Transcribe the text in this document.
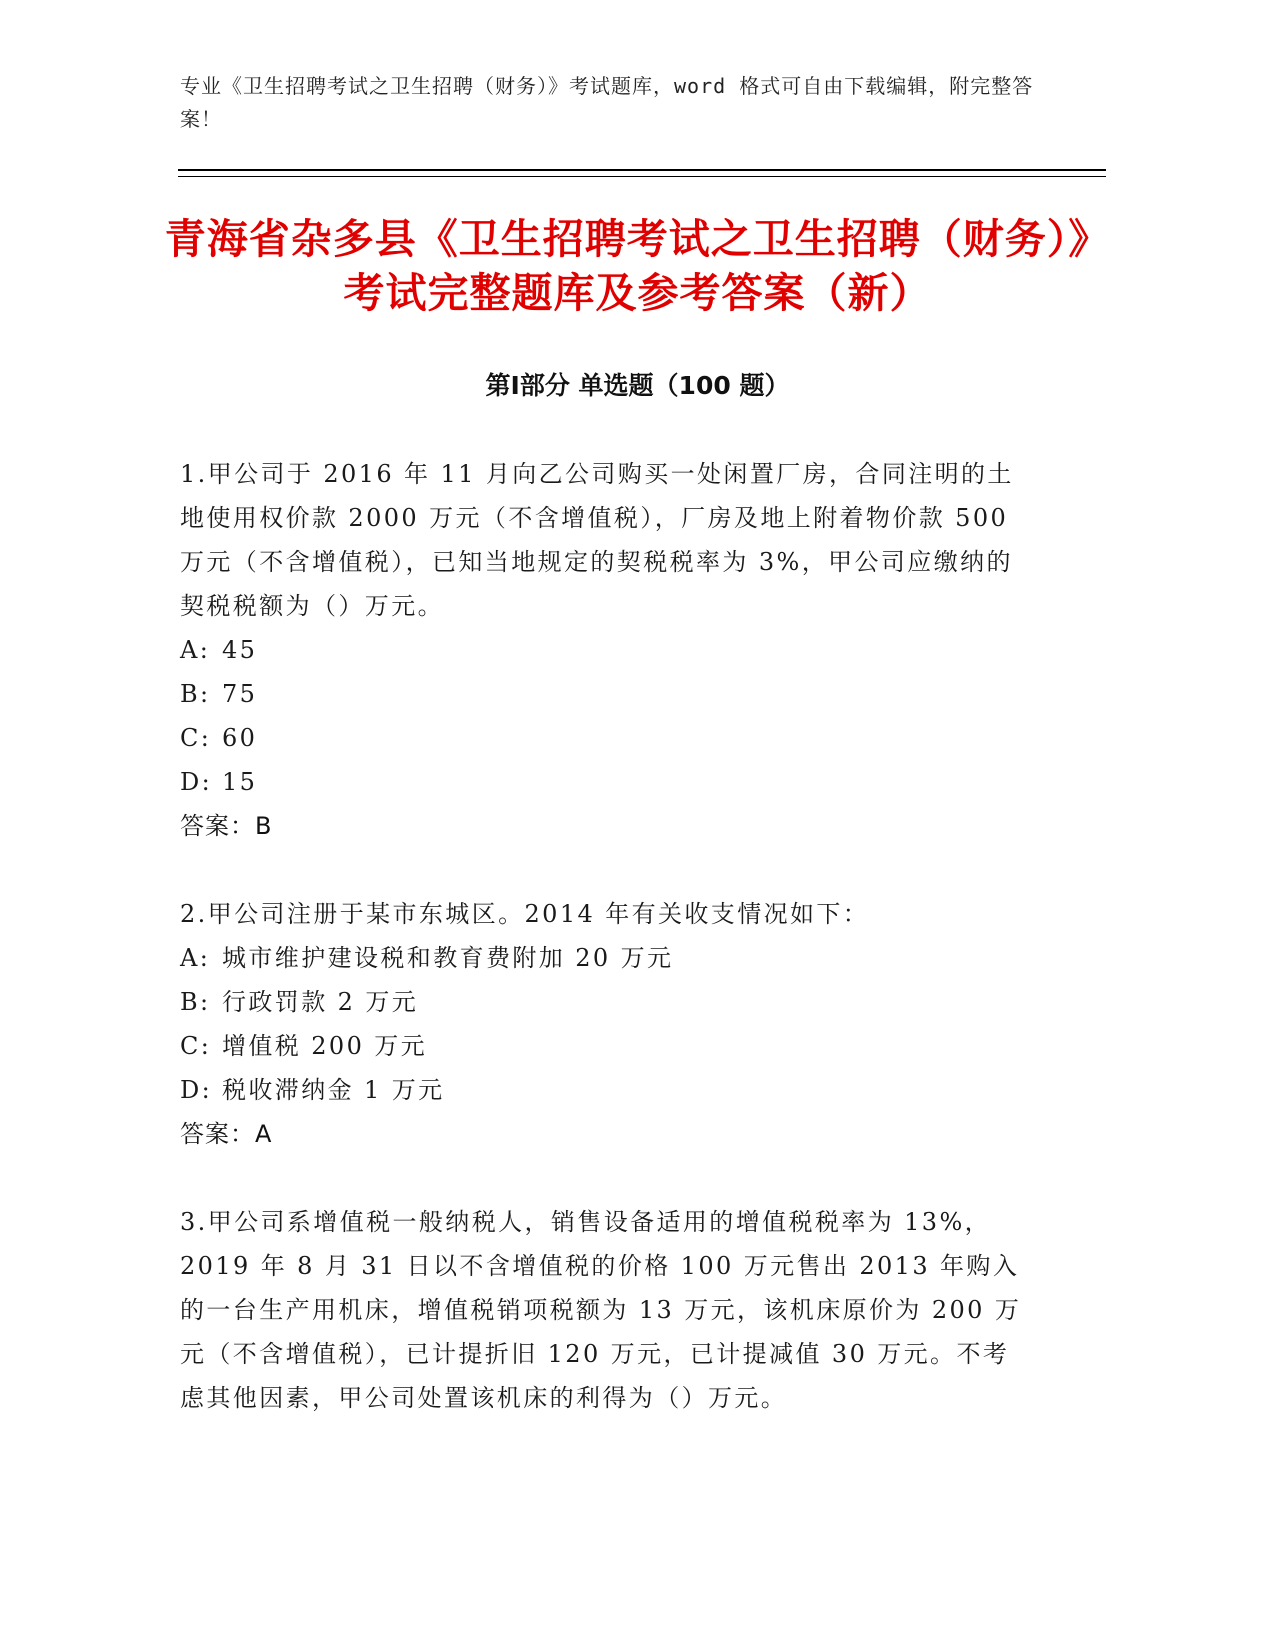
专业《卫生招聘考试之卫生招聘（财务）》考试题库，word 格式可自由下载编辑，附完整答案！

青海省杂多县《卫生招聘考试之卫生招聘（财务）》考试完整题库及参考答案（新）
第Ⅰ部分 单选题（100 题）

1.甲公司于 2016 年 11 月向乙公司购买一处闲置厂房，合同注明的土地使用权价款 2000 万元（不含增值税），厂房及地上附着物价款 500 万元（不含增值税），已知当地规定的契税税率为 3%，甲公司应缴纳的契税税额为（）万元。

A: 45
B: 75
C: 60
D: 15
答案：B

2.甲公司注册于某市东城区。2014 年有关收支情况如下：

A: 城市维护建设税和教育费附加 20 万元
B: 行政罚款 2 万元
C: 增值税 200 万元
D: 税收滞纳金 1 万元
答案：A

3.甲公司系增值税一般纳税人，销售设备适用的增值税税率为 13%，2019 年 8 月 31 日以不含增值税的价格 100 万元售出 2013 年购入的一台生产用机床，增值税销项税额为 13 万元，该机床原价为 200 万元（不含增值税），已计提折旧 120 万元，已计提减值 30 万元。不考虑其他因素，甲公司处置该机床的利得为（）万元。
